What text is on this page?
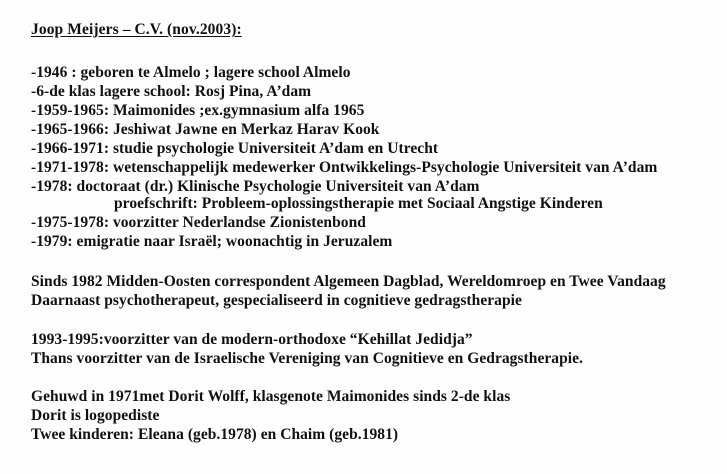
Joop Meijers – C.V. (nov.2003):
-1946 : geboren te Almelo ; lagere school Almelo
-6-de klas lagere school: Rosj Pina, A’dam
-1959-1965: Maimonides ;ex.gymnasium alfa 1965
-1965-1966: Jeshiwat Jawne en Merkaz Harav Kook
-1966-1971: studie psychologie Universiteit A’dam en Utrecht
-1971-1978: wetenschappelijk medewerker Ontwikkelings-Psychologie Universiteit van A’dam
-1978: doctoraat (dr.) Klinische Psychologie Universiteit van A’dam
proefschrift: Probleem-oplossingstherapie met Sociaal Angstige Kinderen
-1975-1978: voorzitter Nederlandse Zionistenbond
-1979: emigratie naar Israël; woonachtig in Jeruzalem
Sinds 1982 Midden-Oosten correspondent Algemeen Dagblad, Wereldomroep en Twee Vandaag
Daarnaast psychotherapeut, gespecialiseerd in cognitieve gedragstherapie
1993-1995:voorzitter van de modern-orthodoxe “Kehillat Jedidja”
Thans voorzitter van de Israelische Vereniging van Cognitieve en Gedragstherapie.
Gehuwd in 1971met Dorit Wolff, klasgenote Maimonides sinds 2-de klas
Dorit is logopediste
Twee kinderen: Eleana (geb.1978) en Chaim (geb.1981)
